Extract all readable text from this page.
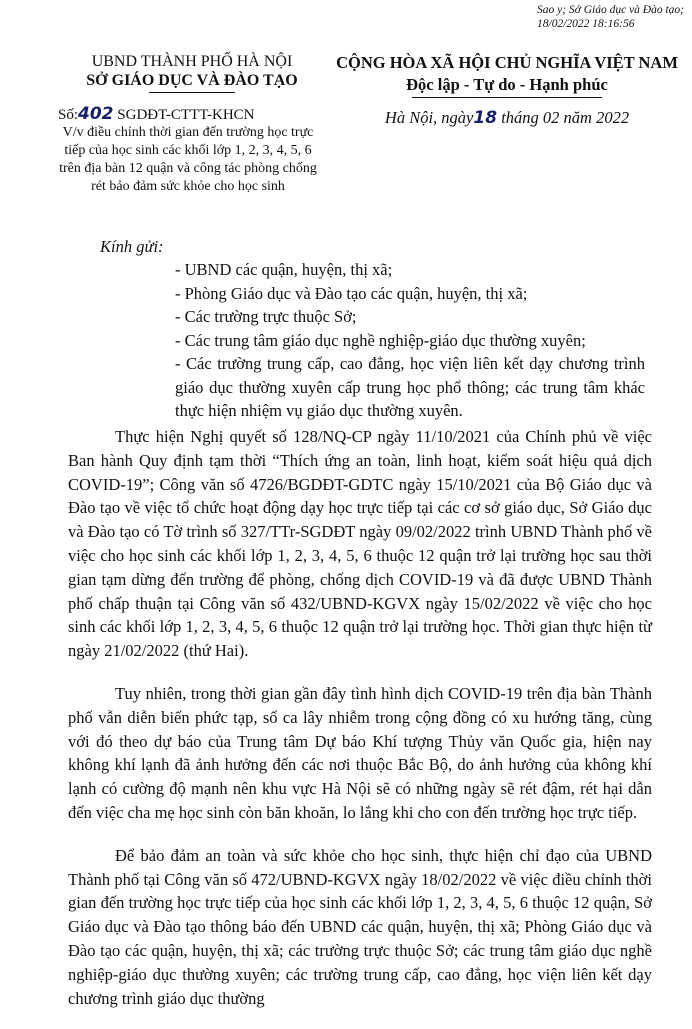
Sao y; Sở Giáo dục và Đào tạo;
18/02/2022 18:16:56
UBND THÀNH PHỐ HÀ NỘI
SỞ GIÁO DỤC VÀ ĐÀO TẠO
Số:402 SGDĐT-CTTT-KHCN
V/v điều chỉnh thời gian đến trường học trực tiếp của học sinh các khối lớp 1, 2, 3, 4, 5, 6 trên địa bàn 12 quận và công tác phòng chống rét bảo đảm sức khỏe cho học sinh
CỘNG HÒA XÃ HỘI CHỦ NGHĨA VIỆT NAM
Độc lập - Tự do - Hạnh phúc
Hà Nội, ngày18 tháng 02 năm 2022
Kính gửi:
- UBND các quận, huyện, thị xã;
- Phòng Giáo dục và Đào tạo các quận, huyện, thị xã;
- Các trường trực thuộc Sở;
- Các trung tâm giáo dục nghề nghiệp-giáo dục thường xuyên;
- Các trường trung cấp, cao đẳng, học viện liên kết dạy chương trình giáo dục thường xuyên cấp trung học phổ thông; các trung tâm khác thực hiện nhiệm vụ giáo dục thường xuyên.

Thực hiện Nghị quyết số 128/NQ-CP ngày 11/10/2021 của Chính phủ về việc Ban hành Quy định tạm thời “Thích ứng an toàn, linh hoạt, kiểm soát hiệu quả dịch COVID-19”; Công văn số 4726/BGDĐT-GDTC ngày 15/10/2021 của Bộ Giáo dục và Đào tạo về việc tổ chức hoạt động dạy học trực tiếp tại các cơ sở giáo dục, Sở Giáo dục và Đào tạo có Tờ trình số 327/TTr-SGDĐT ngày 09/02/2022 trình UBND Thành phố về việc cho học sinh các khối lớp 1, 2, 3, 4, 5, 6 thuộc 12 quận trở lại trường học sau thời gian tạm dừng đến trường để phòng, chống dịch COVID-19 và đã được UBND Thành phố chấp thuận tại Công văn số 432/UBND-KGVX ngày 15/02/2022 về việc cho học sinh các khối lớp 1, 2, 3, 4, 5, 6 thuộc 12 quận trở lại trường học. Thời gian thực hiện từ ngày 21/02/2022 (thứ Hai).

Tuy nhiên, trong thời gian gần đây tình hình dịch COVID-19 trên địa bàn Thành phố vẫn diễn biến phức tạp, số ca lây nhiễm trong cộng đồng có xu hướng tăng, cùng với đó theo dự báo của Trung tâm Dự báo Khí tượng Thủy văn Quốc gia, hiện nay không khí lạnh đã ảnh hưởng đến các nơi thuộc Bắc Bộ, do ảnh hưởng của không khí lạnh có cường độ mạnh nên khu vực Hà Nội sẽ có những ngày sẽ rét đậm, rét hại dẫn đến việc cha mẹ học sinh còn băn khoăn, lo lắng khi cho con đến trường học trực tiếp.

Để bảo đảm an toàn và sức khỏe cho học sinh, thực hiện chỉ đạo của UBND Thành phố tại Công văn số 472/UBND-KGVX ngày 18/02/2022 về việc điều chỉnh thời gian đến trường học trực tiếp của học sinh các khối lớp 1, 2, 3, 4, 5, 6 thuộc 12 quận, Sở Giáo dục và Đào tạo thông báo đến UBND các quận, huyện, thị xã; Phòng Giáo dục và Đào tạo các quận, huyện, thị xã; các trường trực thuộc Sở; các trung tâm giáo dục nghề nghiệp-giáo dục thường xuyên; các trường trung cấp, cao đẳng, học viện liên kết dạy chương trình giáo dục thường
